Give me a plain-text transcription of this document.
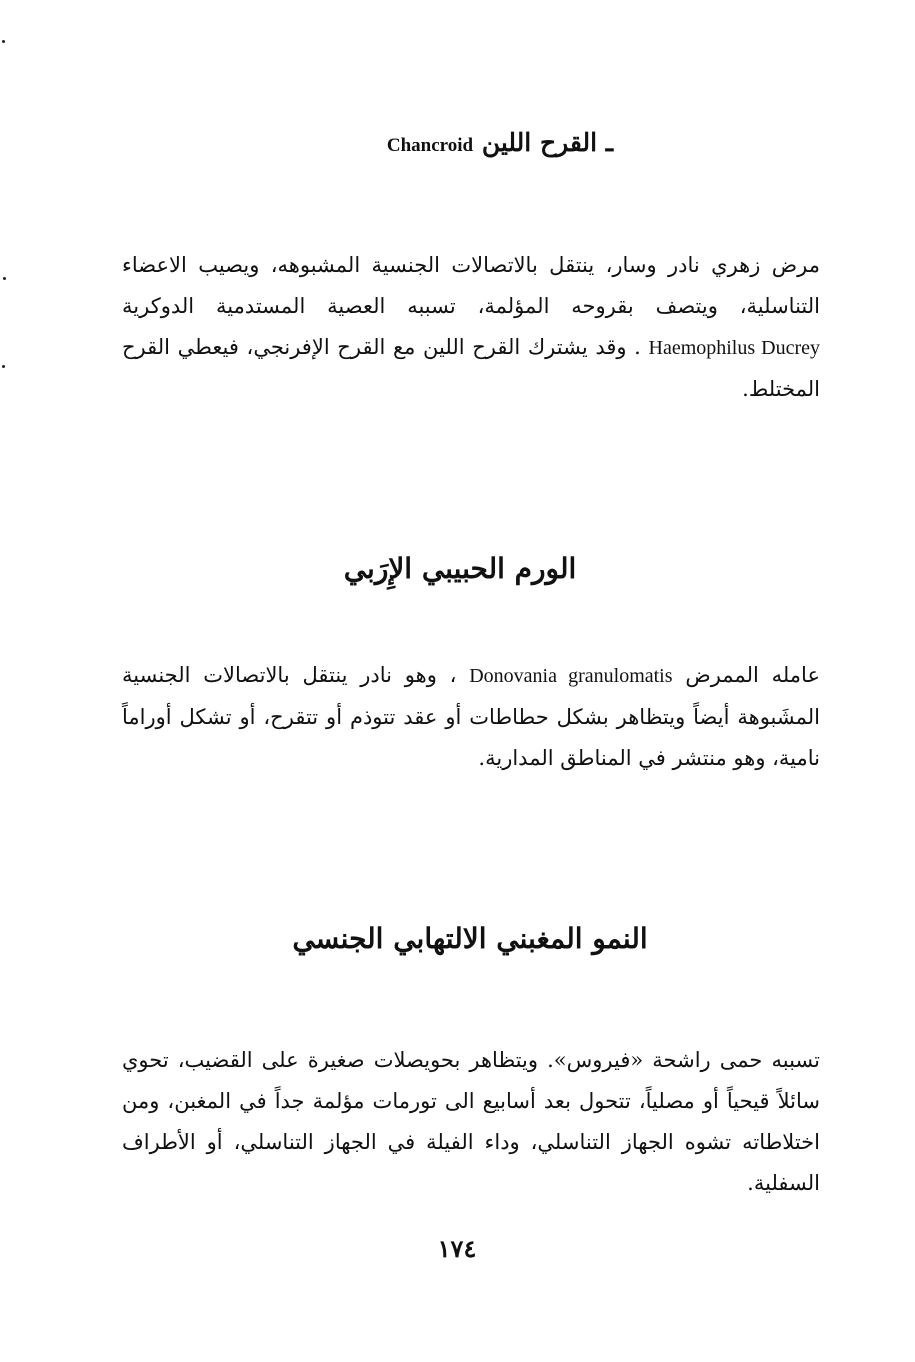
ـ القرح اللين Chancroid
مرض زهري نادر وسار، ينتقل بالاتصالات الجنسية المشبوهه، ويصيب الاعضاء التناسلية، ويتصف بقروحه المؤلمة، تسببه العصية المستدمية الدوكرية Haemophilus Ducrey . وقد يشترك القرح اللين مع القرح الإفرنجي، فيعطي القرح المختلط.
الورم الحبيبي الإِرَبي
عامله الممرض Donovania granulomatis ، وهو نادر ينتقل بالاتصالات الجنسية المشَبوهة أيضاً ويتظاهر بشكل حطاطات أو عقد تتوذم أو تتقرح، أو تشكل أوراماً نامية، وهو منتشر في المناطق المدارية.
النمو المغبني الالتهابي الجنسي
تسببه حمى راشحة «فيروس». ويتظاهر بحويصلات صغيرة على القضيب، تحوي سائلاً قيحياً أو مصلياً، تتحول بعد أسابيع الى تورمات مؤلمة جداً في المغبن، ومن اختلاطاته تشوه الجهاز التناسلي، وداء الفيلة في الجهاز التناسلي، أو الأطراف السفلية.
١٧٤
